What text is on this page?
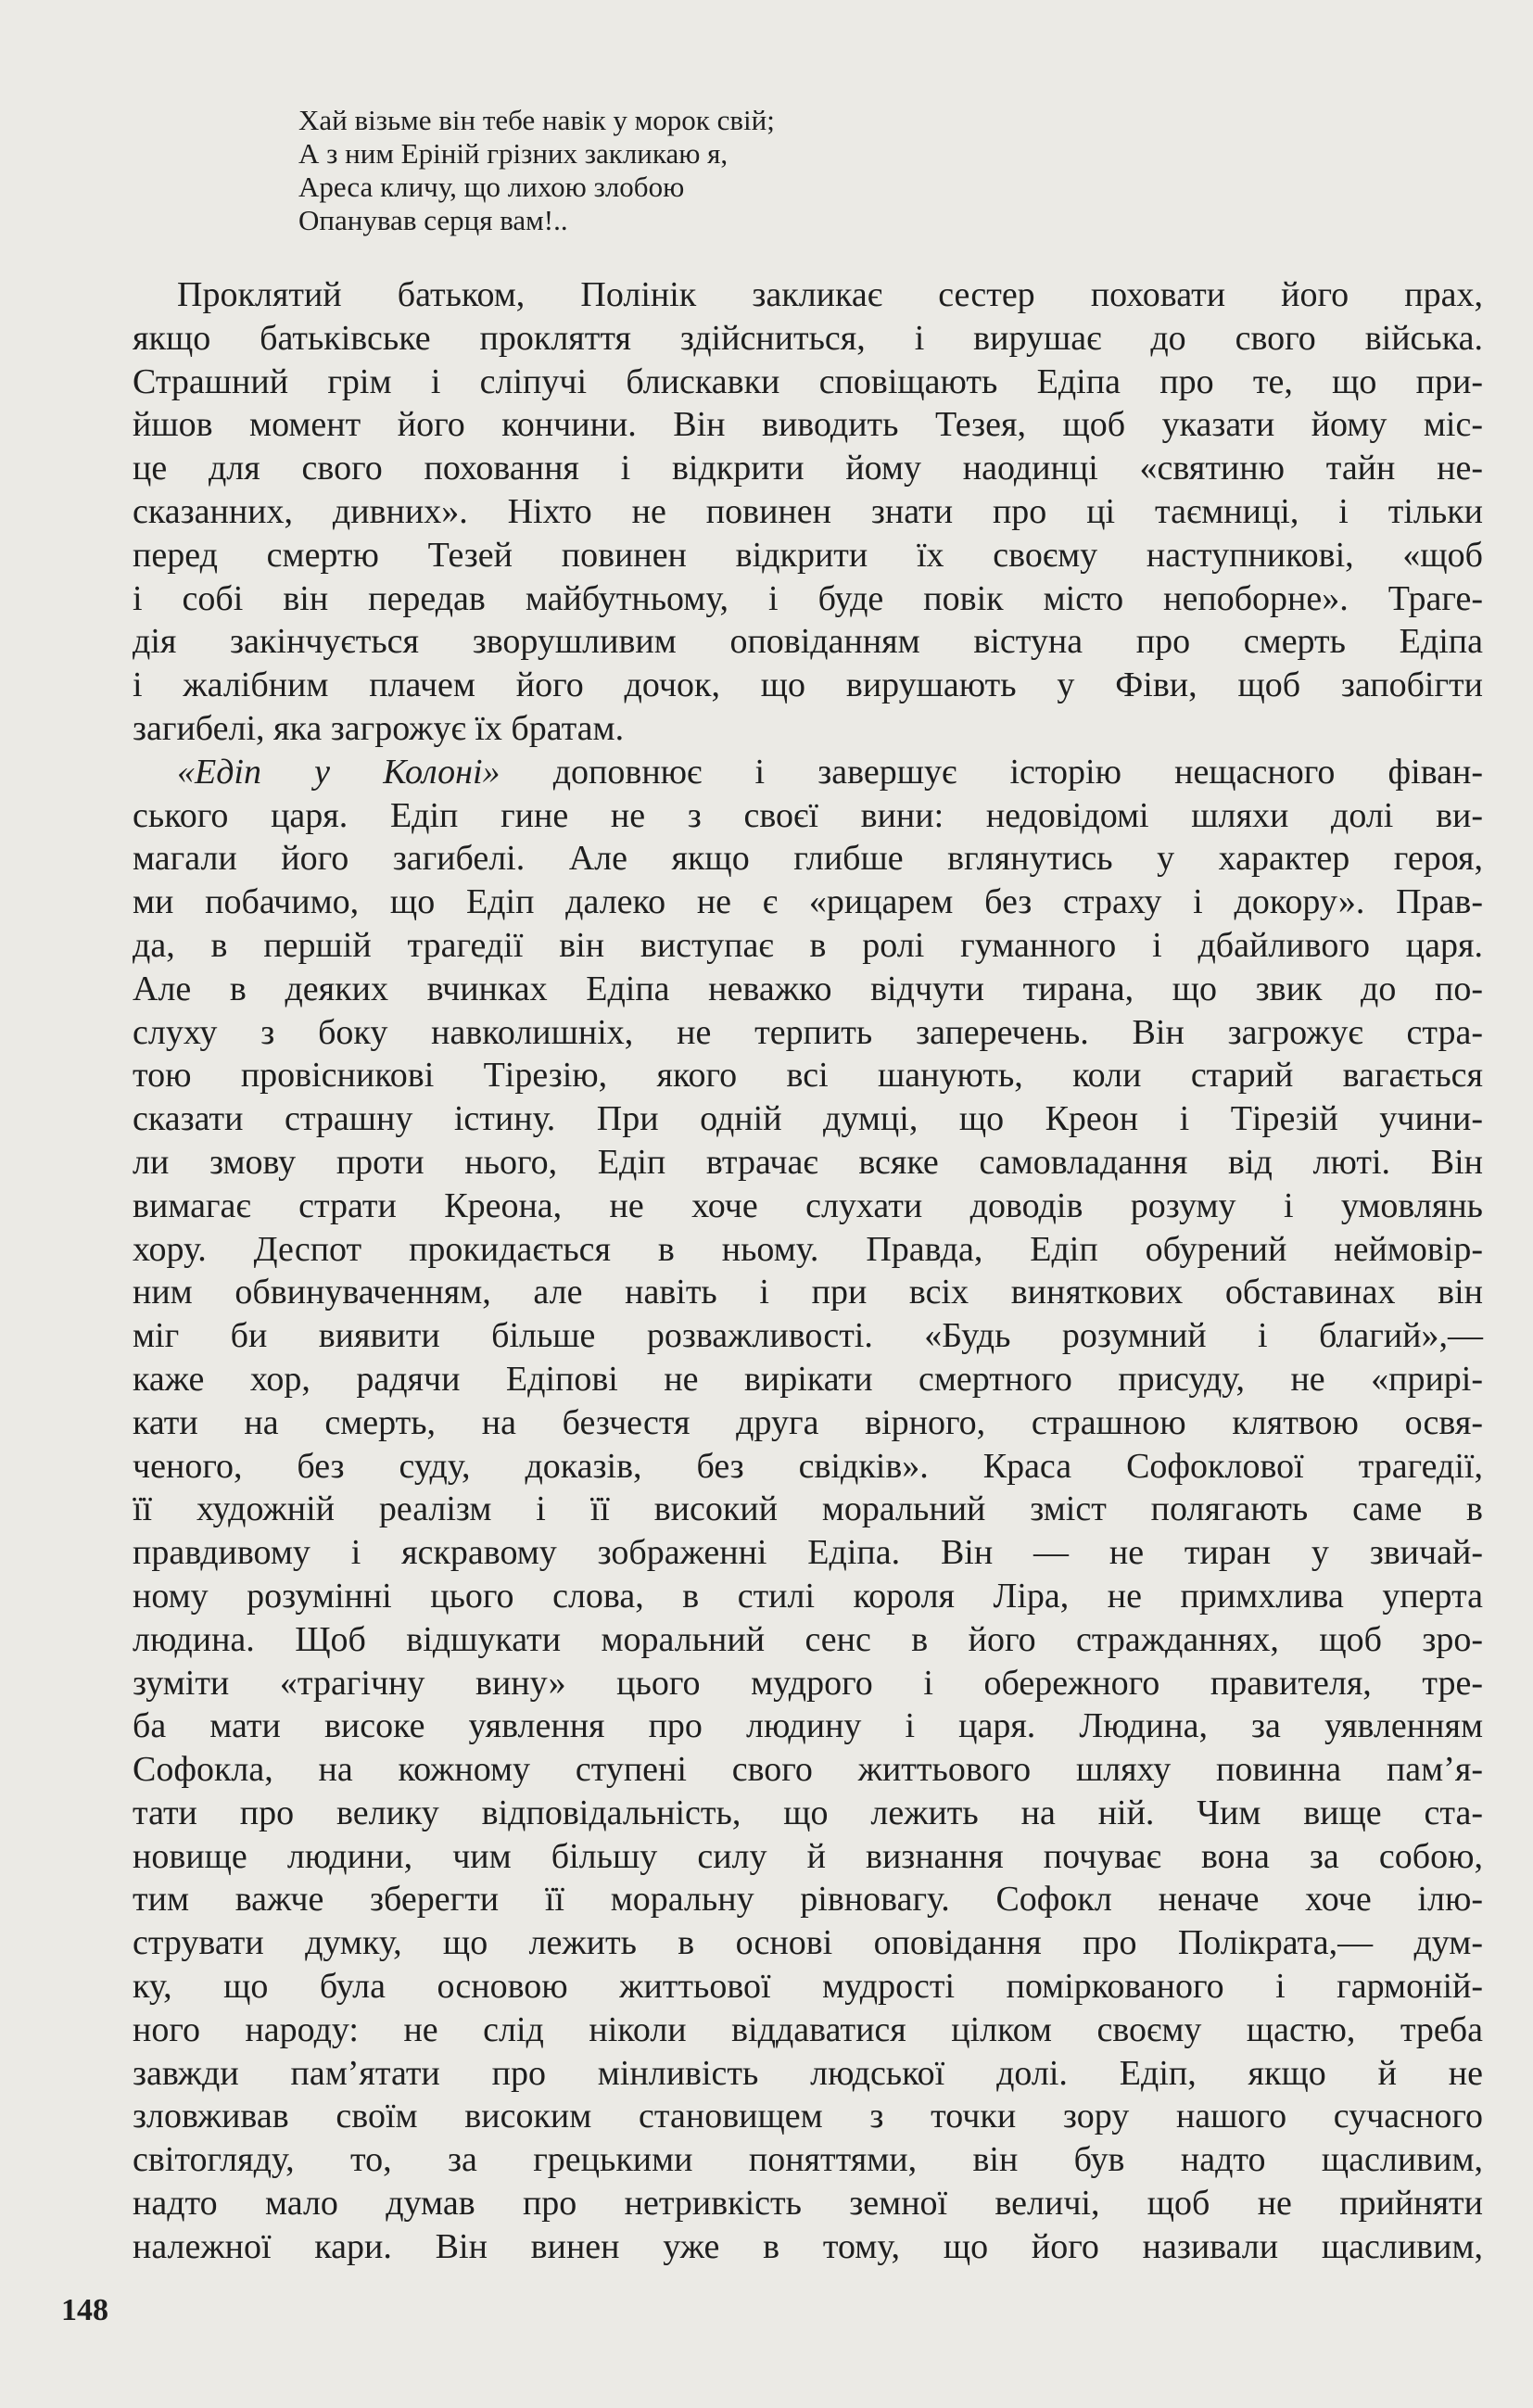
Хай візьме він тебе навік у морок свій;
А з ним Еріній грізних закликаю я,
Ареса кличу, що лихою злобою
Опанував серця вам!..
Проклятий батьком, Полінік закликає сестер поховати його прах,
якщо батьківське прокляття здійсниться, і вирушає до свого війська.
Страшний грім і сліпучі блискавки сповіщають Едіпа про те, що при-
йшов момент його кончини. Він виводить Тезея, щоб указати йому міс-
це для свого поховання і відкрити йому наодинці «святиню тайн не-
сказанних, дивних». Ніхто не повинен знати про ці таємниці, і тільки
перед смертю Тезей повинен відкрити їх своєму наступникові, «щоб
і собі він передав майбутньому, і буде повік місто непоборне». Траге-
дія закінчується зворушливим оповіданням вістуна про смерть Едіпа
і жалібним плачем його дочок, що вирушають у Фіви, щоб запобігти
загибелі, яка загрожує їх братам.
«Едіп у Колоні» доповнює і завершує історію нещасного фіван-
ського царя. Едіп гине не з своєї вини: недовідомі шляхи долі ви-
магали його загибелі. Але якщо глибше вглянутись у характер героя,
ми побачимо, що Едіп далеко не є «рицарем без страху і докору». Прав-
да, в першій трагедії він виступає в ролі гуманного і дбайливого царя.
Але в деяких вчинках Едіпа неважко відчути тирана, що звик до по-
слуху з боку навколишніх, не терпить заперечень. Він загрожує стра-
тою провісникові Тірезію, якого всі шанують, коли старий вагається
сказати страшну істину. При одній думці, що Креон і Тірезій учини-
ли змову проти нього, Едіп втрачає всяке самовладання від люті. Він
вимагає страти Креона, не хоче слухати доводів розуму і умовлянь
хору. Деспот прокидається в ньому. Правда, Едіп обурений неймовір-
ним обвинуваченням, але навіть і при всіх виняткових обставинах він
міг би виявити більше розважливості. «Будь розумний і благий»,—
каже хор, радячи Едіпові не вирікати смертного присуду, не «прирі-
кати на смерть, на безчестя друга вірного, страшною клятвою освя-
ченого, без суду, доказів, без свідків». Краса Софоклової трагедії,
її художній реалізм і її високий моральний зміст полягають саме в
правдивому і яскравому зображенні Едіпа. Він — не тиран у звичай-
ному розумінні цього слова, в стилі короля Ліра, не примхлива уперта
людина. Щоб відшукати моральний сенс в його стражданнях, щоб зро-
зуміти «трагічну вину» цього мудрого і обережного правителя, тре-
ба мати високе уявлення про людину і царя. Людина, за уявленням
Софокла, на кожному ступені свого життьового шляху повинна пам’я-
тати про велику відповідальність, що лежить на ній. Чим вище ста-
новище людини, чим більшу силу й визнання почуває вона за собою,
тим важче зберегти її моральну рівновагу. Софокл неначе хоче ілю-
струвати думку, що лежить в основі оповідання про Полікрата,— дум-
ку, що була основою життьової мудрості поміркованого і гармоній-
ного народу: не слід ніколи віддаватися цілком своєму щастю, треба
завжди пам’ятати про мінливість людської долі. Едіп, якщо й не
зловживав своїм високим становищем з точки зору нашого сучасного
світогляду, то, за грецькими поняттями, він був надто щасливим,
надто мало думав про нетривкість земної величі, щоб не прийняти
належної кари. Він винен уже в тому, що його називали щасливим,
148
